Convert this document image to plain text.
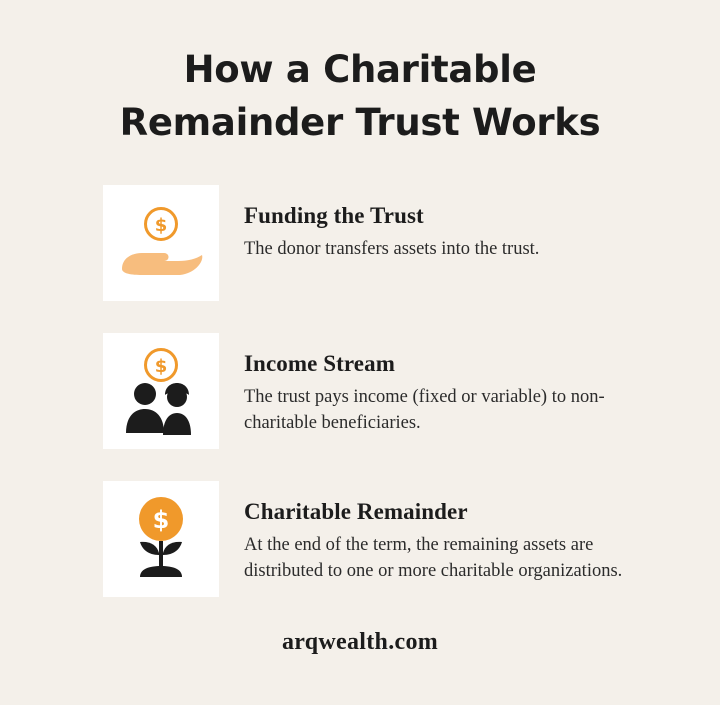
How a Charitable
Remainder Trust Works
$	Funding the Trust

The donor transfers assets into the trust.

$	Income Stream

The trust pays income (fixed or variable) to non-charitable beneficiaries.

$	Charitable Remainder

At the end of the term, the remaining assets are distributed to one or more charitable organizations.

arqwealth.com
